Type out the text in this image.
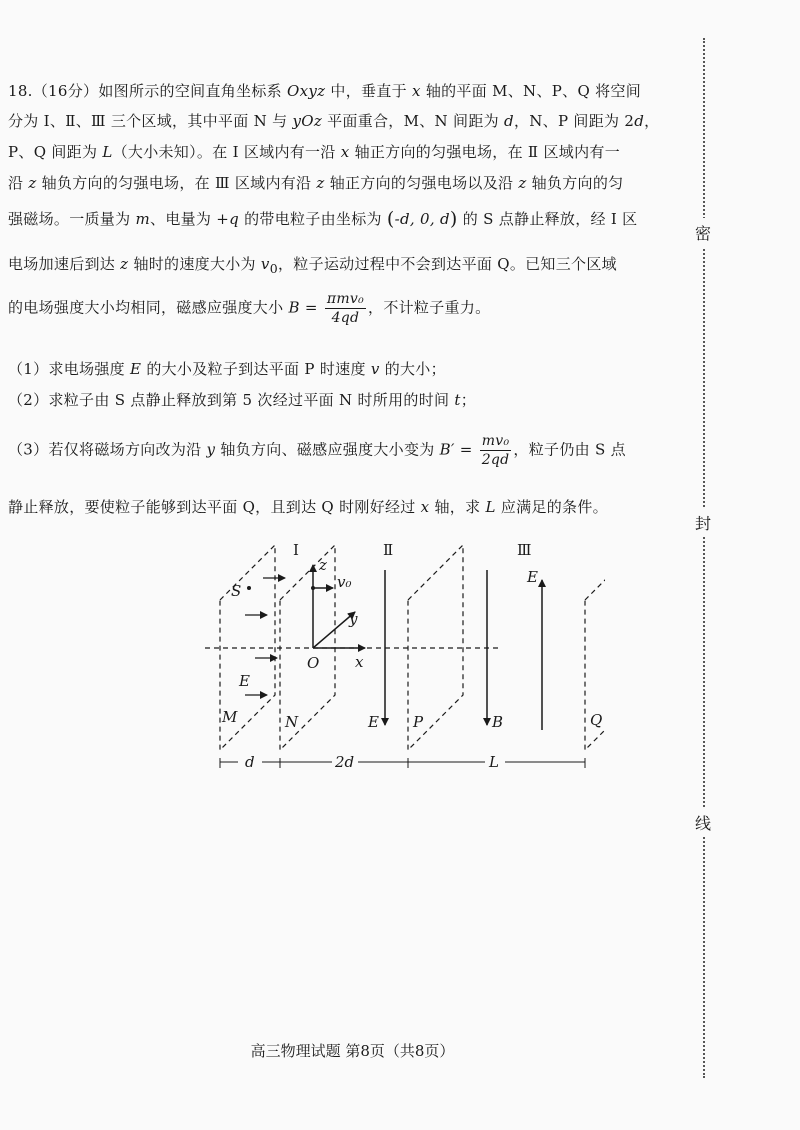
密
封
线
18.（16分）如图所示的空间直角坐标系 Oxyz 中，垂直于 x 轴的平面 M、N、P、Q 将空间
分为 Ⅰ、Ⅱ、Ⅲ 三个区域，其中平面 N 与 yOz 平面重合，M、N 间距为 d，N、P 间距为 2d，
P、Q 间距为 L（大小未知）。在 Ⅰ 区域内有一沿 x 轴正方向的匀强电场，在 Ⅱ 区域内有一
沿 z 轴负方向的匀强电场，在 Ⅲ 区域内有沿 z 轴正方向的匀强电场以及沿 z 轴负方向的匀
强磁场。一质量为 m、电量为 +q 的带电粒子由坐标为 (-d, 0, d) 的 S 点静止释放，经 Ⅰ 区
电场加速后到达 z 轴时的速度大小为 $v_0$，粒子运动过程中不会到达平面 Q。已知三个区域
的电场强度大小均相同，磁感应强度大小 $B = \frac{\text{πmv₀}}{4qd}$ ，不计粒子重力。
（1）求电场强度 E 的大小及粒子到达平面 P 时速度 v 的大小；
（2）求粒子由 S 点静止释放到第 5 次经过平面 N 时所用的时间 t；
（3）若仅将磁场方向改为沿 y 轴负方向、磁感应强度大小变为 $B' = \frac{\text{mv₀}}{2qd}$ ，粒子仍由 S 点
静止释放，要使粒子能够到达平面 Q，且到达 Q 时刚好经过 x 轴，求 L 应满足的条件。
Ⅰ	Ⅱ	Ⅲ
S
z
v₀
y
O x
E
E
E
B
M	N	P	Q
d	2d	L
高三物理试题 第8页（共8页）
